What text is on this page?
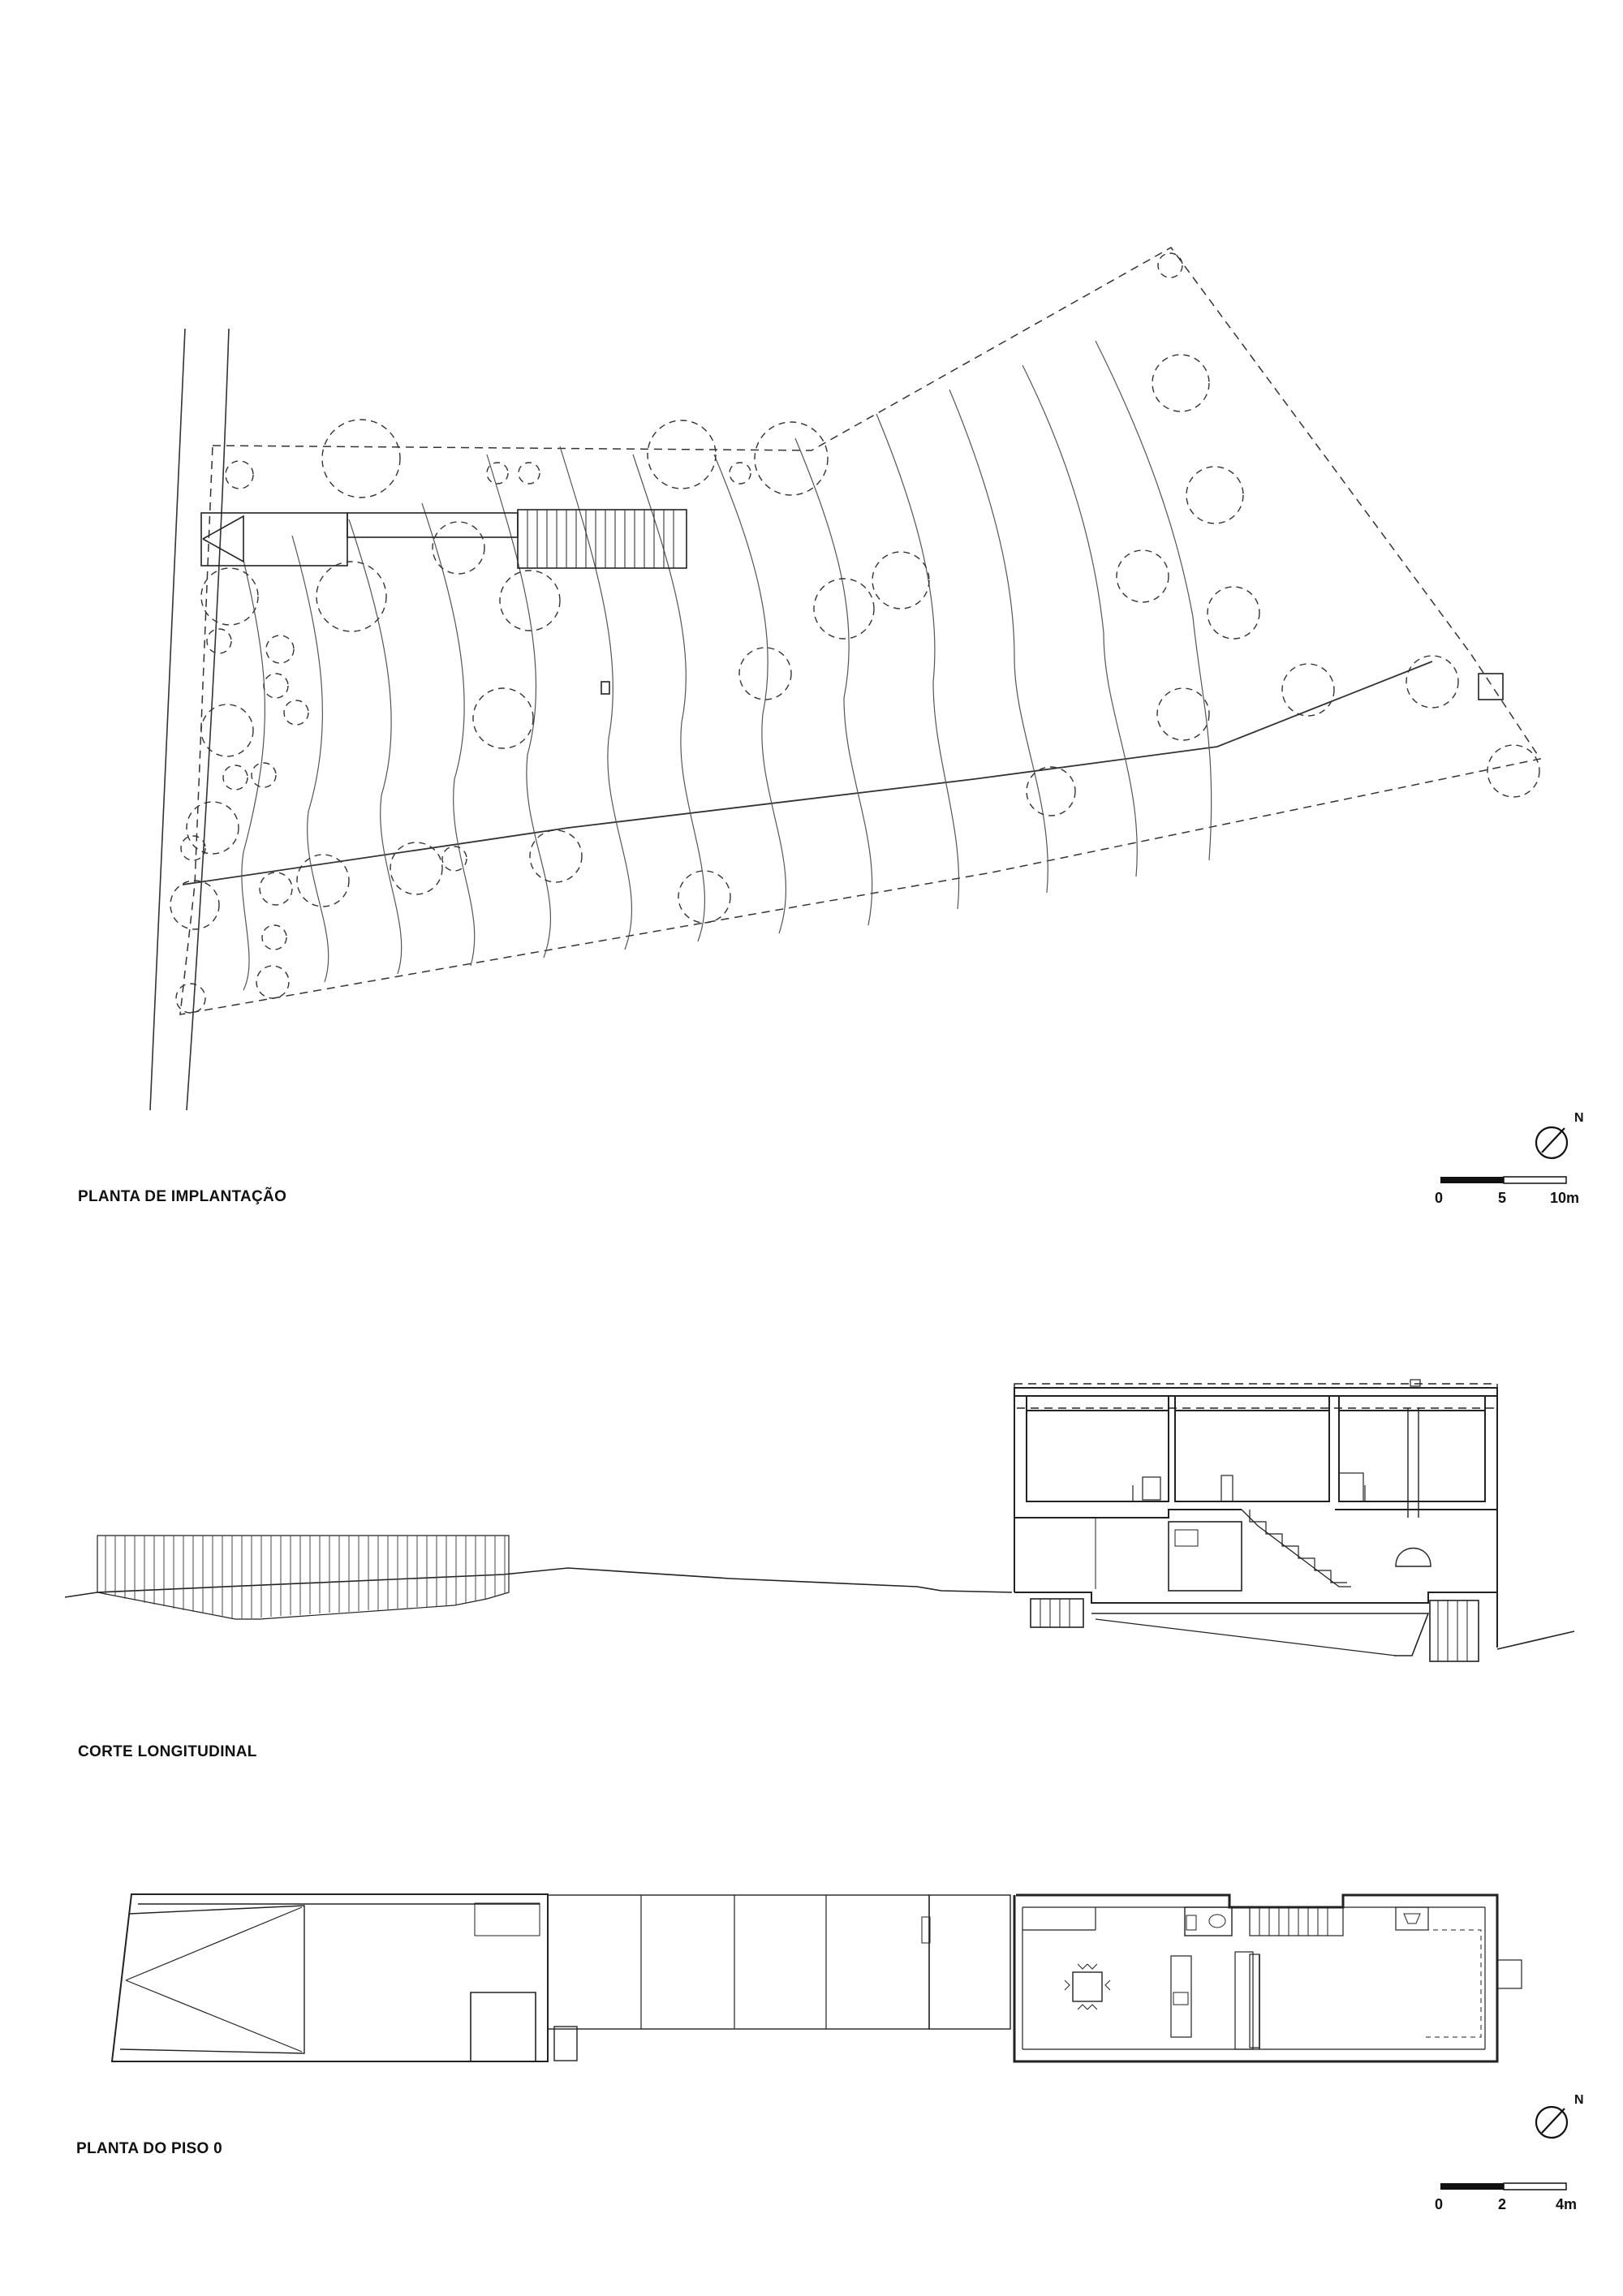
N
N
PLANTA DE IMPLANTAÇÃO
CORTE LONGITUDINAL
PLANTA DO PISO 0
0	5	10m
0	2	4m
